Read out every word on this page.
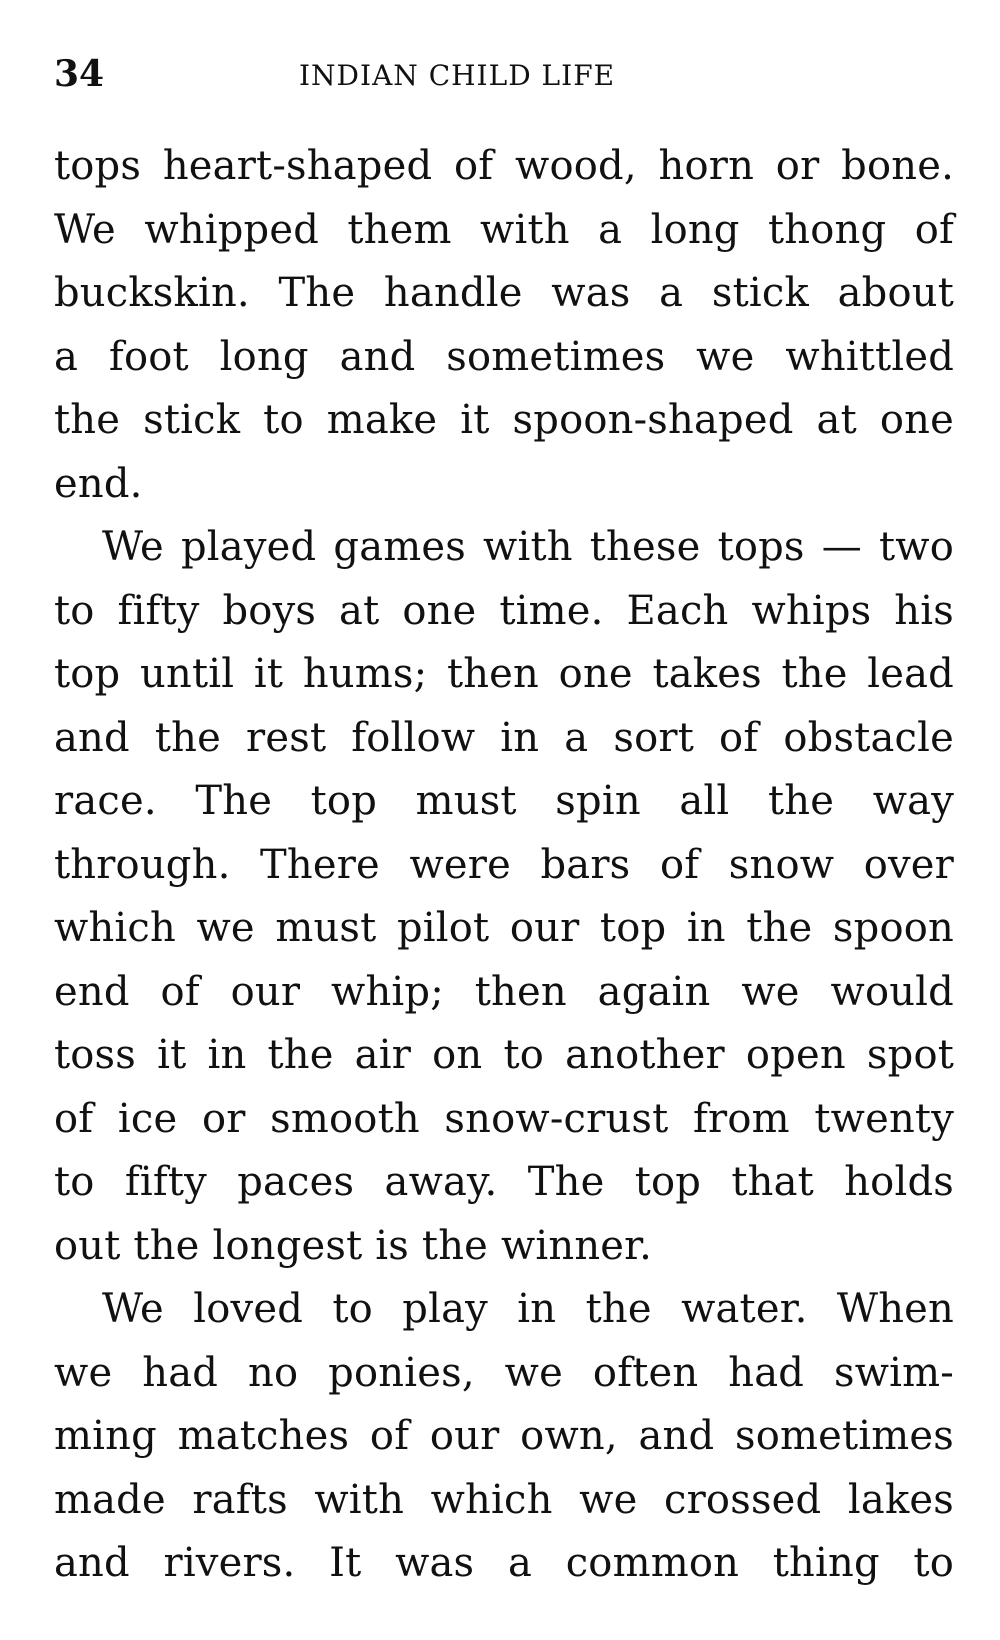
34	INDIAN CHILD LIFE
tops heart-shaped of wood, horn or bone.
We whipped them with a long thong of
buckskin. The handle was a stick about
a foot long and sometimes we whittled
the stick to make it spoon-shaped at one
end.
We played games with these tops — two
to fifty boys at one time. Each whips his
top until it hums; then one takes the lead
and the rest follow in a sort of obstacle
race. The top must spin all the way
through. There were bars of snow over
which we must pilot our top in the spoon
end of our whip; then again we would
toss it in the air on to another open spot
of ice or smooth snow-crust from twenty
to fifty paces away. The top that holds
out the longest is the winner.
We loved to play in the water. When
we had no ponies, we often had swim-
ming matches of our own, and sometimes
made rafts with which we crossed lakes
and rivers. It was a common thing to
